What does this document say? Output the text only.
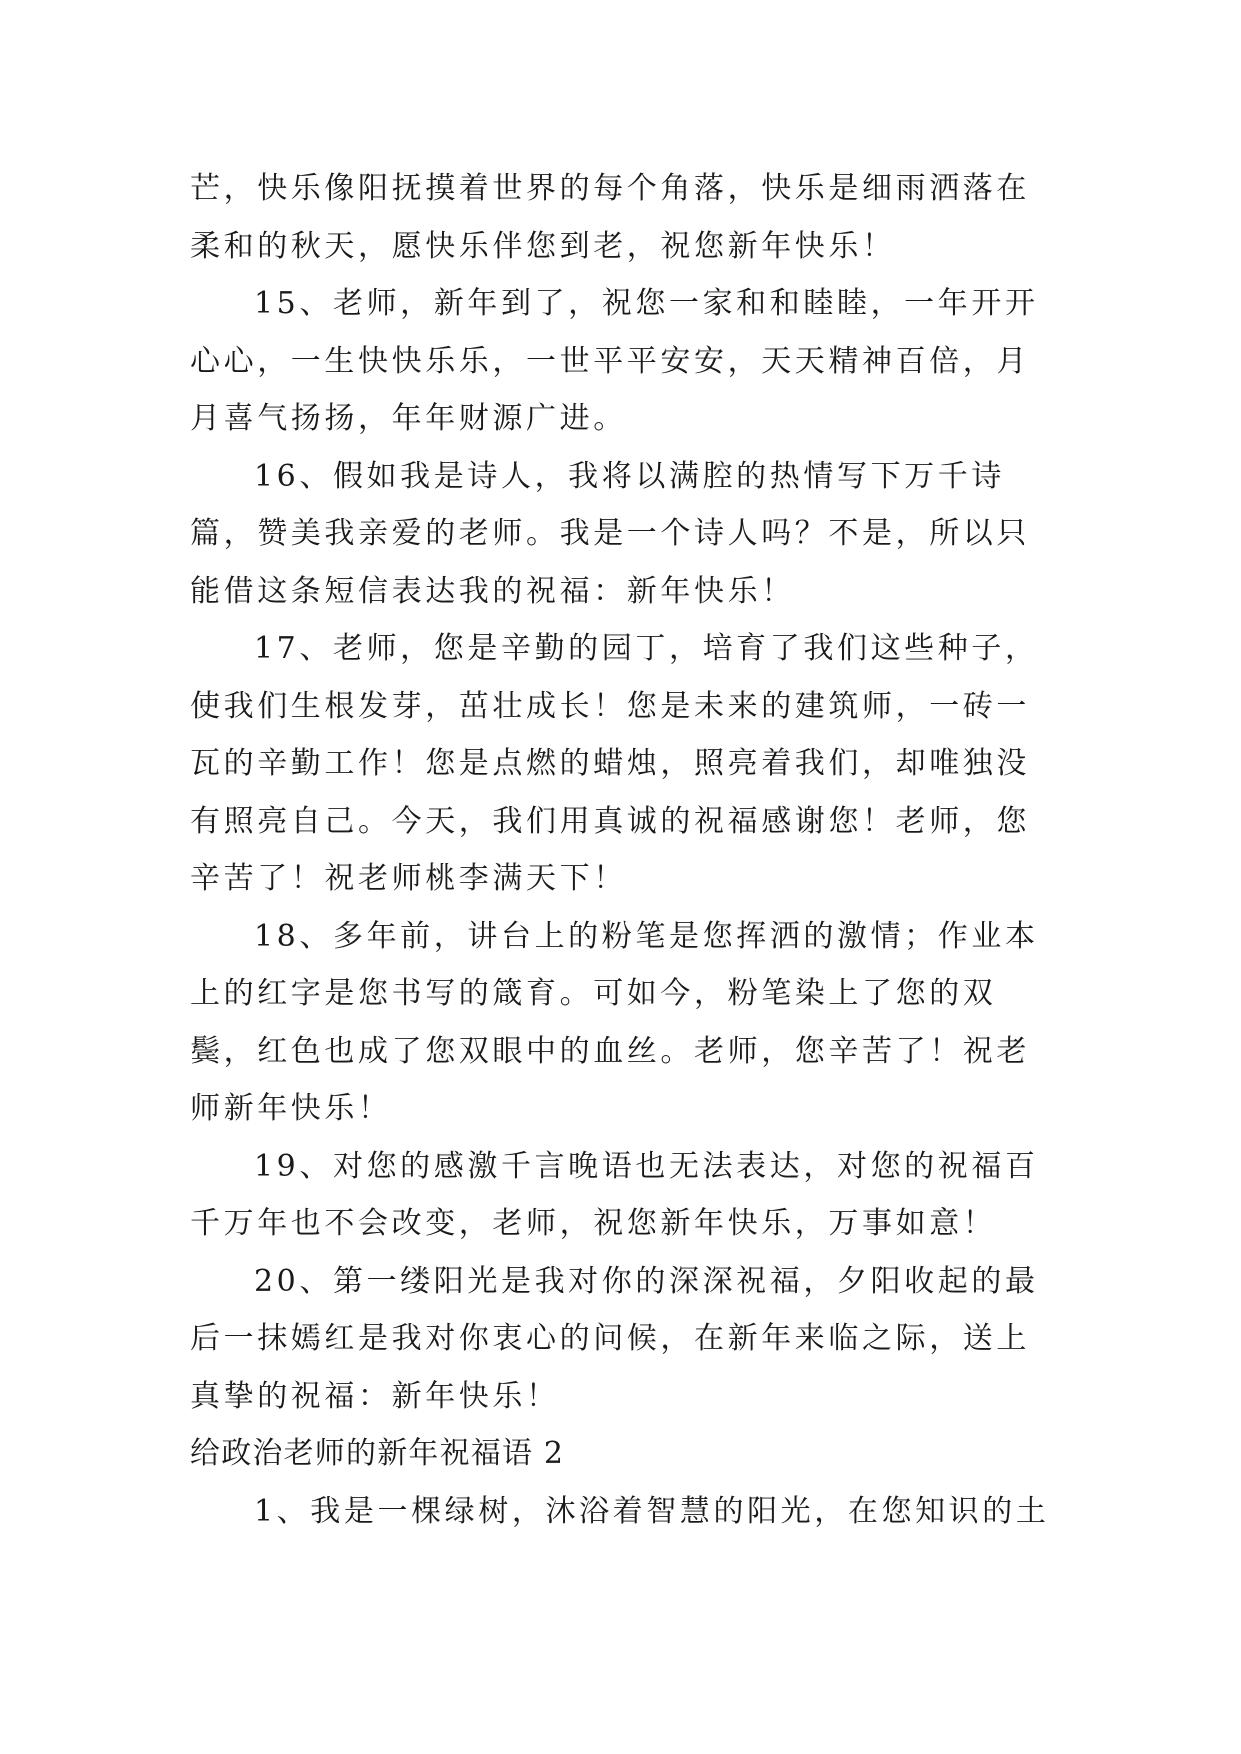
芒，快乐像阳抚摸着世界的每个角落，快乐是细雨洒落在柔和的秋天，愿快乐伴您到老，祝您新年快乐！

15、老师，新年到了，祝您一家和和睦睦，一年开开心心，一生快快乐乐，一世平平安安，天天精神百倍，月月喜气扬扬，年年财源广进。

16、假如我是诗人，我将以满腔的热情写下万千诗篇，赞美我亲爱的老师。我是一个诗人吗？不是，所以只能借这条短信表达我的祝福：新年快乐！

17、老师，您是辛勤的园丁，培育了我们这些种子，使我们生根发芽，茁壮成长！您是未来的建筑师，一砖一瓦的辛勤工作！您是点燃的蜡烛，照亮着我们，却唯独没有照亮自己。今天，我们用真诚的祝福感谢您！老师，您辛苦了！祝老师桃李满天下！

18、多年前，讲台上的粉笔是您挥洒的激情；作业本上的红字是您书写的箴育。可如今，粉笔染上了您的双鬓，红色也成了您双眼中的血丝。老师，您辛苦了！祝老师新年快乐！

19、对您的感激千言晚语也无法表达，对您的祝福百千万年也不会改变，老师，祝您新年快乐，万事如意！

20、第一缕阳光是我对你的深深祝福，夕阳收起的最后一抹嫣红是我对你衷心的问候，在新年来临之际，送上真挚的祝福：新年快乐！

给政治老师的新年祝福语 2

1、我是一棵绿树，沐浴着智慧的阳光，在您知识的土
